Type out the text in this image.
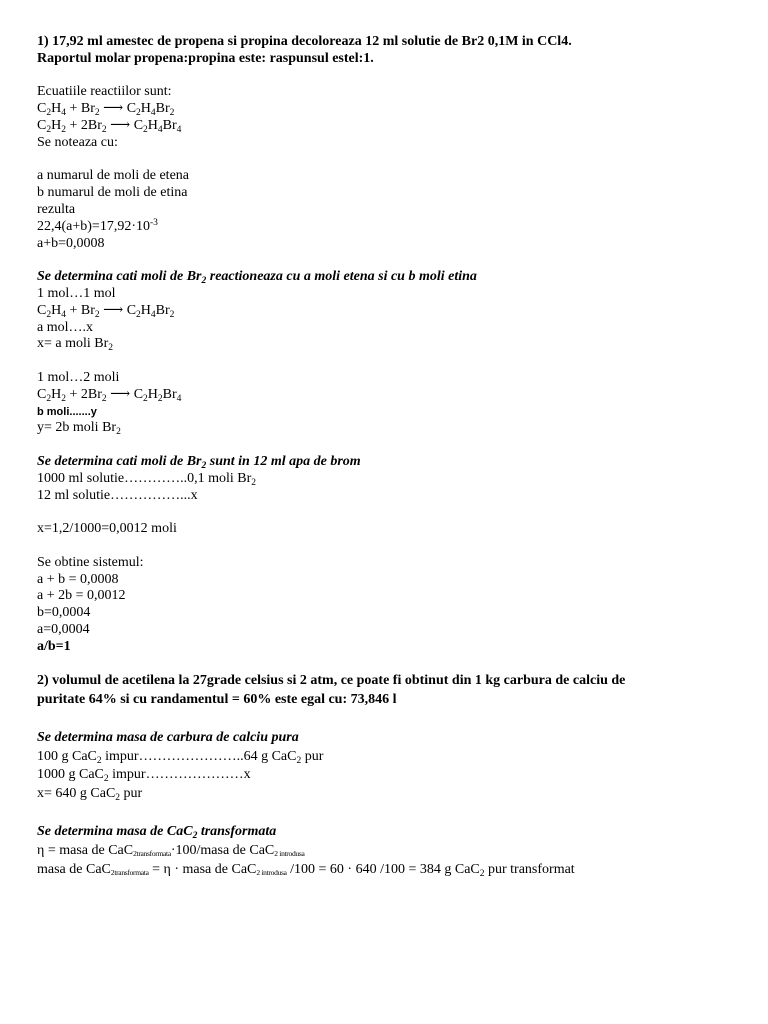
1) 17,92 ml amestec de propena si propina decoloreaza 12 ml solutie de Br2 0,1M in CCl4.
Raportul molar propena:propina este: raspunsul estel:1.
Ecuatiile reactiilor sunt:
$C_2H_4 + Br_2$ ⟶ $C_2H_4Br_2$
$C_2H_2 + 2Br_2$ ⟶ $C_2H_4Br_4$
Se noteaza cu:
a numarul de moli de etena
b numarul de moli de etina
rezulta
$22,4(a+b)=17,92\cdot 10^{-3}$
a+b=0,0008
Se determina cati moli de $Br_2$ reactioneaza cu a moli etena si cu b moli etina
1 mol…1 mol
$C_2H_4 + Br_2$ ⟶ $C_2H_4Br_2$
a mol….x
x= a moli $Br_2$
1 mol…2 moli
$C_2H_2 + 2Br_2$ ⟶ $C_2H_2Br_4$
b moli.......y
y= 2b moli $Br_2$
Se determina cati moli de $Br_2$ sunt in 12 ml apa de brom
1000 ml solutie…………..0,1 moli $Br_2$
12 ml solutie……………...x
x=1,2/1000=0,0012 moli
Se obtine sistemul:
a + b = 0,0008
a + 2b = 0,0012
b=0,0004
a=0,0004
a/b=1
2) volumul de acetilena la 27grade celsius si 2 atm, ce poate fi obtinut din 1 kg carbura de calciu de
puritate 64% si cu randamentul = 60% este egal cu: 73,846 l
Se determina masa de carbura de calciu pura
100 g CaC$_2$ impur…………………..64 g CaC$_2$ pur
1000 g CaC$_2$ impur…………………x
x= 640 g CaC$_2$ pur
Se determina masa de CaC$_2$ transformata
η = masa de CaC2transformata·100/masa de CaC2 introdusa
masa de CaC2transformata = η · masa de CaC2 introdusa /100 = 60 · 640 /100 = 384 g CaC$_2$ pur transformat
